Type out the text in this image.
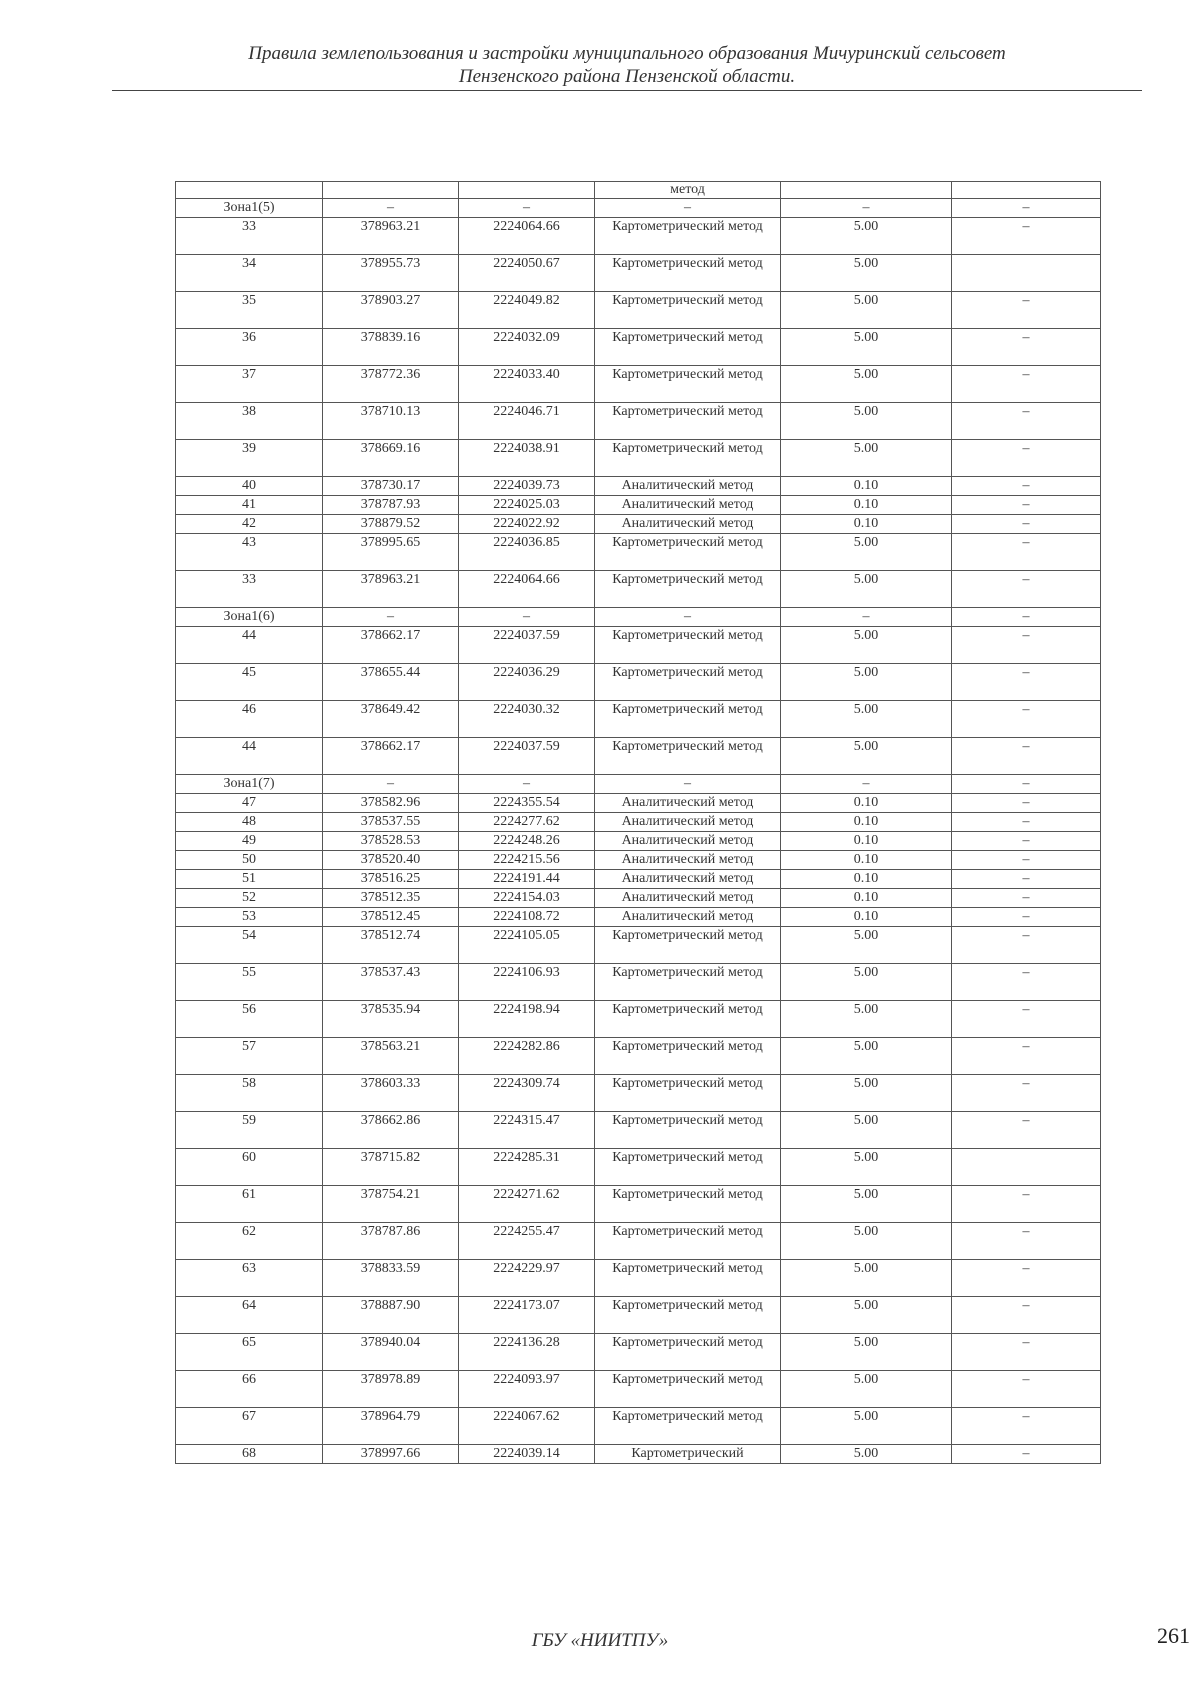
Правила землепользования и застройки муниципального образования Мичуринский сельсовет
Пензенского района Пензенской области.
			метод		
Зона1(5)	–	–	–	–	–
33	378963.21	2224064.66	Картометрический метод	5.00	–
34	378955.73	2224050.67	Картометрический метод	5.00	
35	378903.27	2224049.82	Картометрический метод	5.00	–
36	378839.16	2224032.09	Картометрический метод	5.00	–
37	378772.36	2224033.40	Картометрический метод	5.00	–
38	378710.13	2224046.71	Картометрический метод	5.00	–
39	378669.16	2224038.91	Картометрический метод	5.00	–
40	378730.17	2224039.73	Аналитический метод	0.10	–
41	378787.93	2224025.03	Аналитический метод	0.10	–
42	378879.52	2224022.92	Аналитический метод	0.10	–
43	378995.65	2224036.85	Картометрический метод	5.00	–
33	378963.21	2224064.66	Картометрический метод	5.00	–
Зона1(6)	–	–	–	–	–
44	378662.17	2224037.59	Картометрический метод	5.00	–
45	378655.44	2224036.29	Картометрический метод	5.00	–
46	378649.42	2224030.32	Картометрический метод	5.00	–
44	378662.17	2224037.59	Картометрический метод	5.00	–
Зона1(7)	–	–	–	–	–
47	378582.96	2224355.54	Аналитический метод	0.10	–
48	378537.55	2224277.62	Аналитический метод	0.10	–
49	378528.53	2224248.26	Аналитический метод	0.10	–
50	378520.40	2224215.56	Аналитический метод	0.10	–
51	378516.25	2224191.44	Аналитический метод	0.10	–
52	378512.35	2224154.03	Аналитический метод	0.10	–
53	378512.45	2224108.72	Аналитический метод	0.10	–
54	378512.74	2224105.05	Картометрический метод	5.00	–
55	378537.43	2224106.93	Картометрический метод	5.00	–
56	378535.94	2224198.94	Картометрический метод	5.00	–
57	378563.21	2224282.86	Картометрический метод	5.00	–
58	378603.33	2224309.74	Картометрический метод	5.00	–
59	378662.86	2224315.47	Картометрический метод	5.00	–
60	378715.82	2224285.31	Картометрический метод	5.00	
61	378754.21	2224271.62	Картометрический метод	5.00	–
62	378787.86	2224255.47	Картометрический метод	5.00	–
63	378833.59	2224229.97	Картометрический метод	5.00	–
64	378887.90	2224173.07	Картометрический метод	5.00	–
65	378940.04	2224136.28	Картометрический метод	5.00	–
66	378978.89	2224093.97	Картометрический метод	5.00	–
67	378964.79	2224067.62	Картометрический метод	5.00	–
68	378997.66	2224039.14	Картометрический	5.00	–
ГБУ «НИИТПУ»	261
